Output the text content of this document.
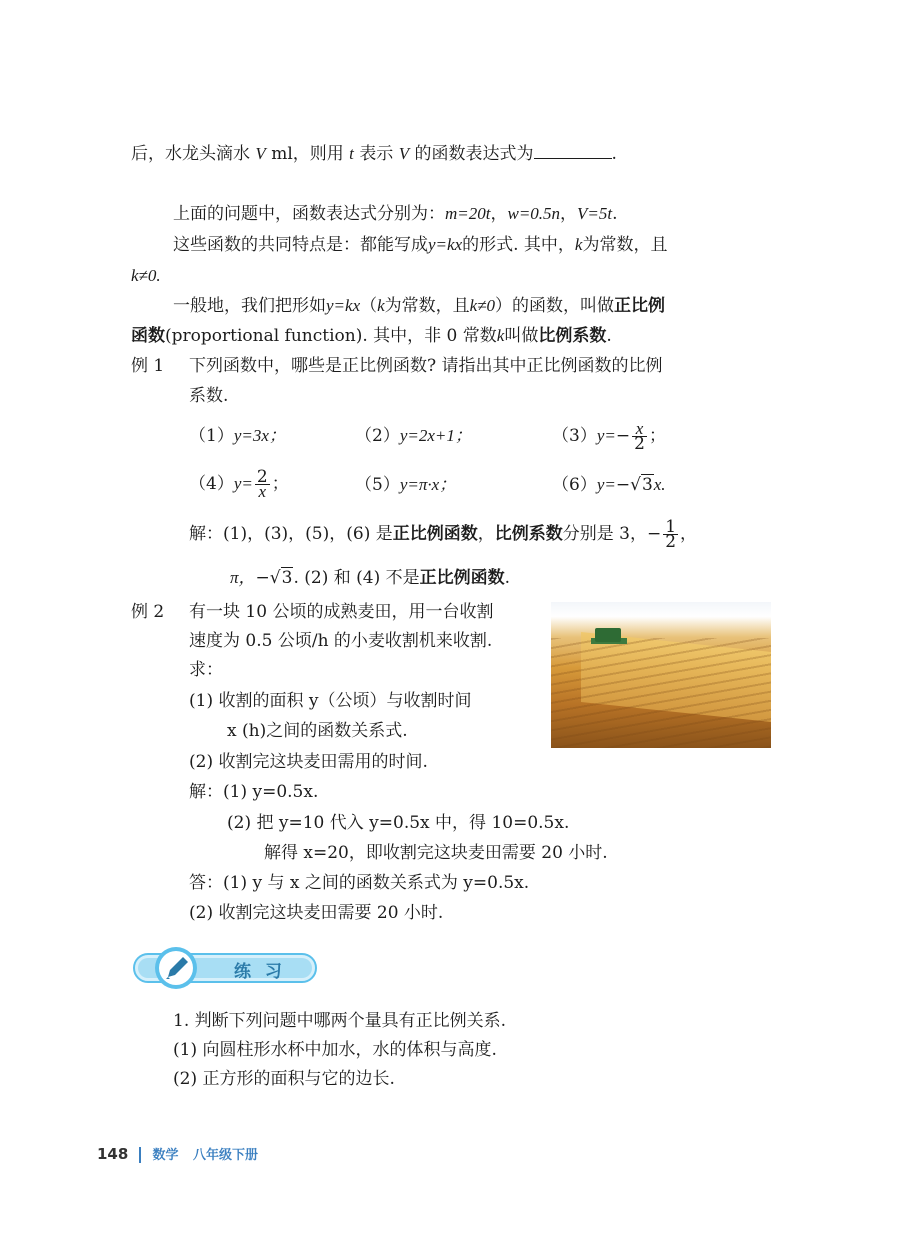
后，水龙头滴水 V ml，则用 t 表示 V 的函数表达式为	.
上面的问题中，函数表达式分别为：m=20t，w=0.5n，V=5t.
这些函数的共同特点是：都能写成y=kx的形式. 其中，k为常数，且
k≠0.
一般地，我们把形如y=kx（k为常数，且k≠0）的函数，叫做正比例
函数(proportional function). 其中，非 0 常数k叫做比例系数.
例 1 下列函数中，哪些是正比例函数? 请指出其中正比例函数的比例
系数.
（1）y=3x；	（2）y=2x+1；	（3） $y= - \frac{x}{2}$ ；
（4） $y= \frac{2}{x}$ ；	（5）y=π·x；	（6）y=−√3x.
解：(1)，(3)，(5)，(6) 是 正比例函数 ， 比例系数 分别是 3， − $\frac{1}{2}$ ，
π，−√3. (2) 和 (4) 不是正比例函数.
例 2 有一块 10 公顷的成熟麦田，用一台收割
速度为 0.5 公顷/h 的小麦收割机来收割.
求：
(1) 收割的面积 y（公顷）与收割时间
x (h)之间的函数关系式.
(2) 收割完这块麦田需用的时间.
解：(1) y=0.5x.
(2) 把 y=10 代入 y=0.5x 中，得 10=0.5x.
解得 x=20，即收割完这块麦田需要 20 小时.
答：(1) y 与 x 之间的函数关系式为 y=0.5x.
(2) 收割完这块麦田需要 20 小时.
练 习
1. 判断下列问题中哪两个量具有正比例关系.
(1) 向圆柱形水杯中加水，水的体积与高度.
(2) 正方形的面积与它的边长.
148 数学 八年级下册
